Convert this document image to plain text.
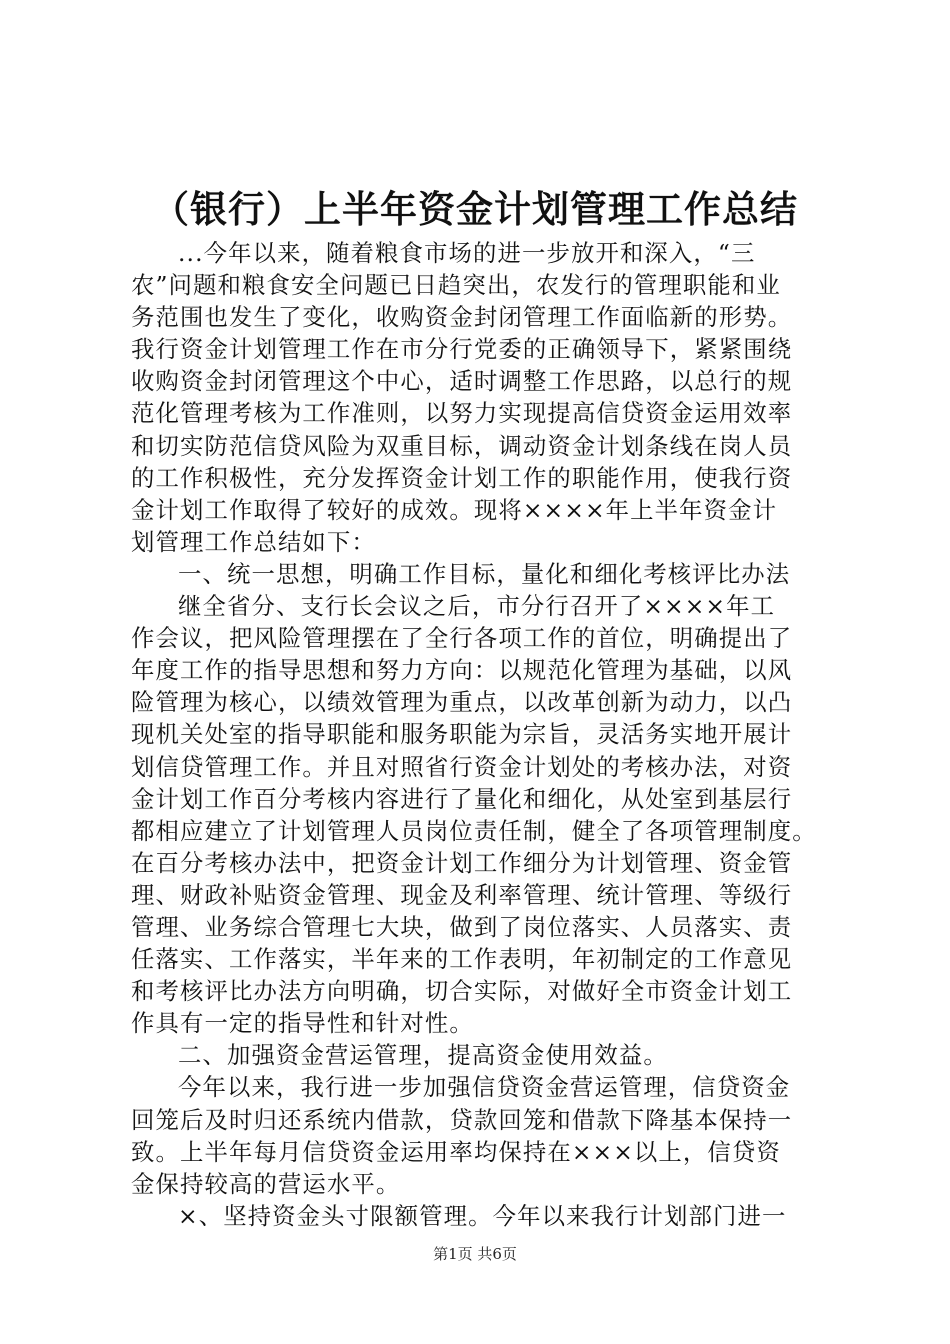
（银行）上半年资金计划管理工作总结
...今年以来，随着粮食市场的进一步放开和深入，“三
农”问题和粮食安全问题已日趋突出，农发行的管理职能和业
务范围也发生了变化，收购资金封闭管理工作面临新的形势。
我行资金计划管理工作在市分行党委的正确领导下，紧紧围绕
收购资金封闭管理这个中心，适时调整工作思路，以总行的规
范化管理考核为工作准则，以努力实现提高信贷资金运用效率
和切实防范信贷风险为双重目标，调动资金计划条线在岗人员
的工作积极性，充分发挥资金计划工作的职能作用，使我行资
金计划工作取得了较好的成效。现将××××年上半年资金计
划管理工作总结如下：
一、统一思想，明确工作目标，量化和细化考核评比办法
继全省分、支行长会议之后，市分行召开了××××年工
作会议，把风险管理摆在了全行各项工作的首位，明确提出了
年度工作的指导思想和努力方向：以规范化管理为基础，以风
险管理为核心，以绩效管理为重点，以改革创新为动力，以凸
现机关处室的指导职能和服务职能为宗旨，灵活务实地开展计
划信贷管理工作。并且对照省行资金计划处的考核办法，对资
金计划工作百分考核内容进行了量化和细化，从处室到基层行
都相应建立了计划管理人员岗位责任制，健全了各项管理制度。
在百分考核办法中，把资金计划工作细分为计划管理、资金管
理、财政补贴资金管理、现金及利率管理、统计管理、等级行
管理、业务综合管理七大块，做到了岗位落实、人员落实、责
任落实、工作落实，半年来的工作表明，年初制定的工作意见
和考核评比办法方向明确，切合实际，对做好全市资金计划工
作具有一定的指导性和针对性。
二、加强资金营运管理，提高资金使用效益。
今年以来，我行进一步加强信贷资金营运管理，信贷资金
回笼后及时归还系统内借款，贷款回笼和借款下降基本保持一
致。上半年每月信贷资金运用率均保持在×××以上，信贷资
金保持较高的营运水平。
×、坚持资金头寸限额管理。今年以来我行计划部门进一
第1页 共6页
